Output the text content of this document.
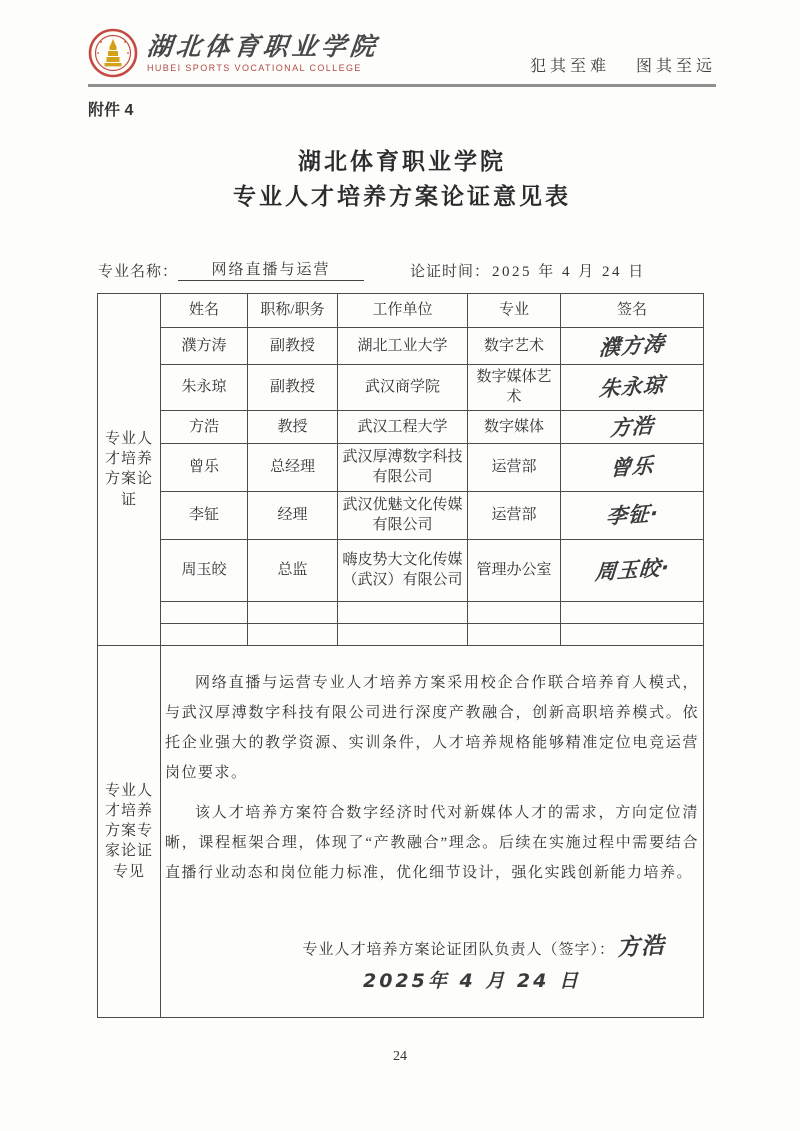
湖北体育职业学院
HUBEI SPORTS VOCATIONAL COLLEGE	犯其至难 图其至远
附件 4
湖北体育职业学院
专业人才培养方案论证意见表
专业名称：	网络直播与运营	论证时间： 2025 年 4 月 24 日
专业人才培养方案论证	姓名	职称/职务	工作单位	专业	签名
	濮方涛	副教授	湖北工业大学	数字艺术	濮方涛
	朱永琼	副教授	武汉商学院	数字媒体艺术	朱永琼
	方浩	教授	武汉工程大学	数字媒体	方浩
	曾乐	总经理	武汉厚溥数字科技有限公司	运营部	曾乐
	李钲	经理	武汉优魅文化传媒有限公司	运营部	李钲·
	周玉皎	总监	嗨皮势大文化传媒（武汉）有限公司	管理办公室	周玉皎·

专业人才培养方案专家论证专见	网络直播与运营专业人才培养方案采用校企合作联合培养育人模式，与武汉厚溥数字科技有限公司进行深度产教融合，创新高职培养模式。依托企业强大的教学资源、实训条件，人才培养规格能够精准定位电竞运营岗位要求。

该人才培养方案符合数字经济时代对新媒体人才的需求，方向定位清晰，课程框架合理，体现了“产教融合”理念。后续在实施过程中需要结合直播行业动态和岗位能力标准，优化细节设计，强化实践创新能力培养。

专业人才培养方案论证团队负责人（签字）：方浩
2025年 4 月 24 日				
24
